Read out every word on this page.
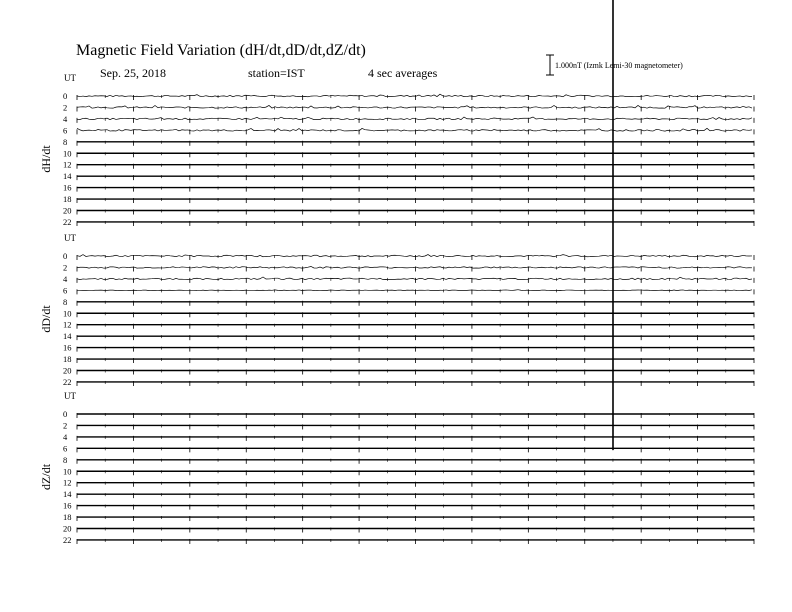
Magnetic Field Variation (dH/dt,dD/dt,dZ/dt)
Sep. 25, 2018	station=IST	4 sec averages
1.000nT (Izmk Lemi-30 magnetometer)
UT
dH/dt
0
2
4
6
8
10
12
14
16
18
20
22
UT
dD/dt
0
2
4
6
8
10
12
14
16
18
20
22
UT
dZ/dt
0
2
4
6
8
10
12
14
16
18
20
22
